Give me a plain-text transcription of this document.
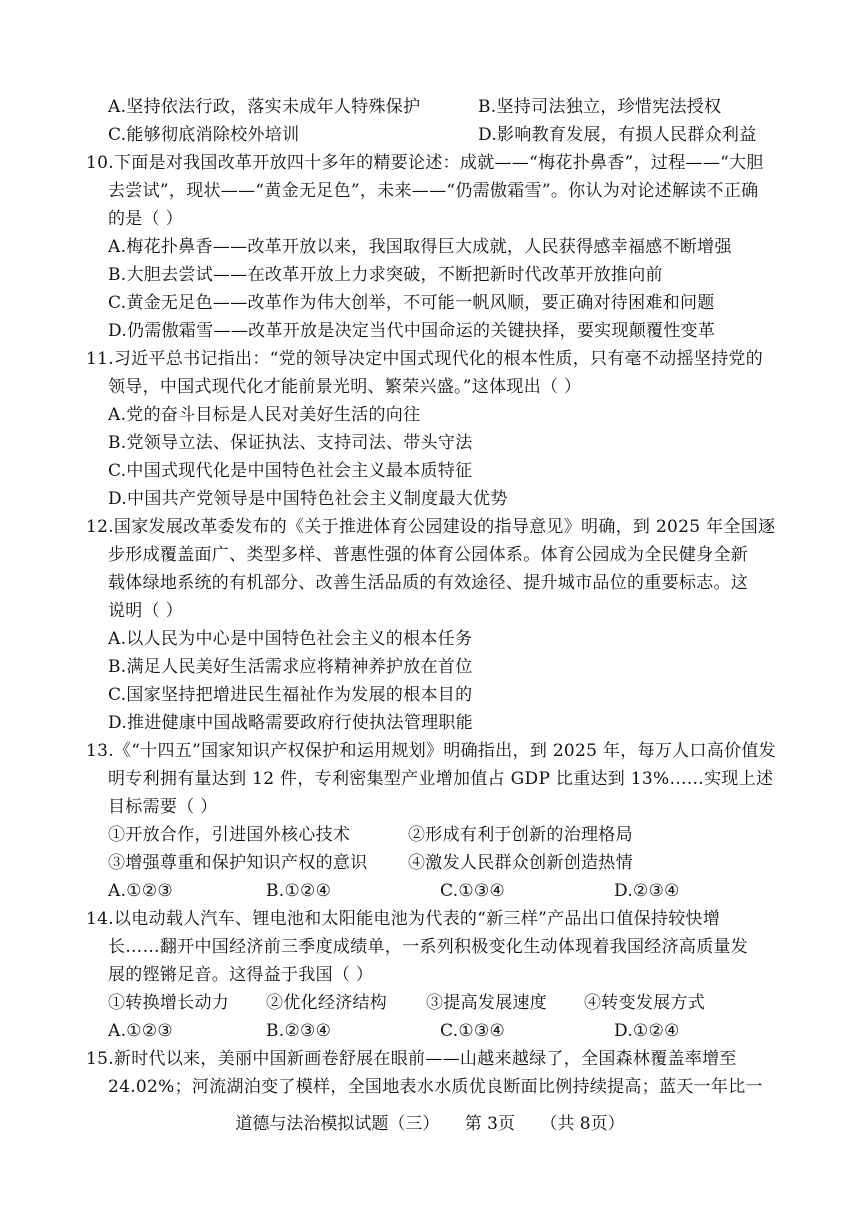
A.坚持依法行政，落实未成年人特殊保护	B.坚持司法独立，珍惜宪法授权
C.能够彻底消除校外培训	D.影响教育发展，有损人民群众利益
10.下面是对我国改革开放四十多年的精要论述：成就——“梅花扑鼻香”，过程——“大胆
去尝试”，现状——“黄金无足色”，未来——“仍需傲霜雪”。你认为对论述解读不正确
的是（ ）
A.梅花扑鼻香——改革开放以来，我国取得巨大成就，人民获得感幸福感不断增强
B.大胆去尝试——在改革开放上力求突破，不断把新时代改革开放推向前
C.黄金无足色——改革作为伟大创举，不可能一帆风顺，要正确对待困难和问题
D.仍需傲霜雪——改革开放是决定当代中国命运的关键抉择，要实现颠覆性变革
11.习近平总书记指出：“党的领导决定中国式现代化的根本性质，只有毫不动摇坚持党的
领导，中国式现代化才能前景光明、繁荣兴盛。”这体现出（ ）
A.党的奋斗目标是人民对美好生活的向往
B.党领导立法、保证执法、支持司法、带头守法
C.中国式现代化是中国特色社会主义最本质特征
D.中国共产党领导是中国特色社会主义制度最大优势
12.国家发展改革委发布的《关于推进体育公园建设的指导意见》明确，到 2025 年全国逐
步形成覆盖面广、类型多样、普惠性强的体育公园体系。体育公园成为全民健身全新
载体绿地系统的有机部分、改善生活品质的有效途径、提升城市品位的重要标志。这
说明（ ）
A.以人民为中心是中国特色社会主义的根本任务
B.满足人民美好生活需求应将精神养护放在首位
C.国家坚持把增进民生福祉作为发展的根本目的
D.推进健康中国战略需要政府行使执法管理职能
13.《“十四五”国家知识产权保护和运用规划》明确指出，到 2025 年，每万人口高价值发
明专利拥有量达到 12 件，专利密集型产业增加值占 GDP 比重达到 13%……实现上述
目标需要（ ）
①开放合作，引进国外核心技术	②形成有利于创新的治理格局
③增强尊重和保护知识产权的意识 ④激发人民群众创新创造热情
A.①②③	B.①②④	C.①③④	D.②③④
14.以电动载人汽车、锂电池和太阳能电池为代表的“新三样”产品出口值保持较快增
长……翻开中国经济前三季度成绩单，一系列积极变化生动体现着我国经济高质量发
展的铿锵足音。这得益于我国（ ）
①转换增长动力 ②优化经济结构 ③提高发展速度 ④转变发展方式
A.①②③	B.②③④	C.①③④	D.①②④
15.新时代以来，美丽中国新画卷舒展在眼前——山越来越绿了，全国森林覆盖率增至
24.02%；河流湖泊变了模样，全国地表水水质优良断面比例持续提高；蓝天一年比一
道德与法治模拟试题（三） 第 3页 （共 8页）
